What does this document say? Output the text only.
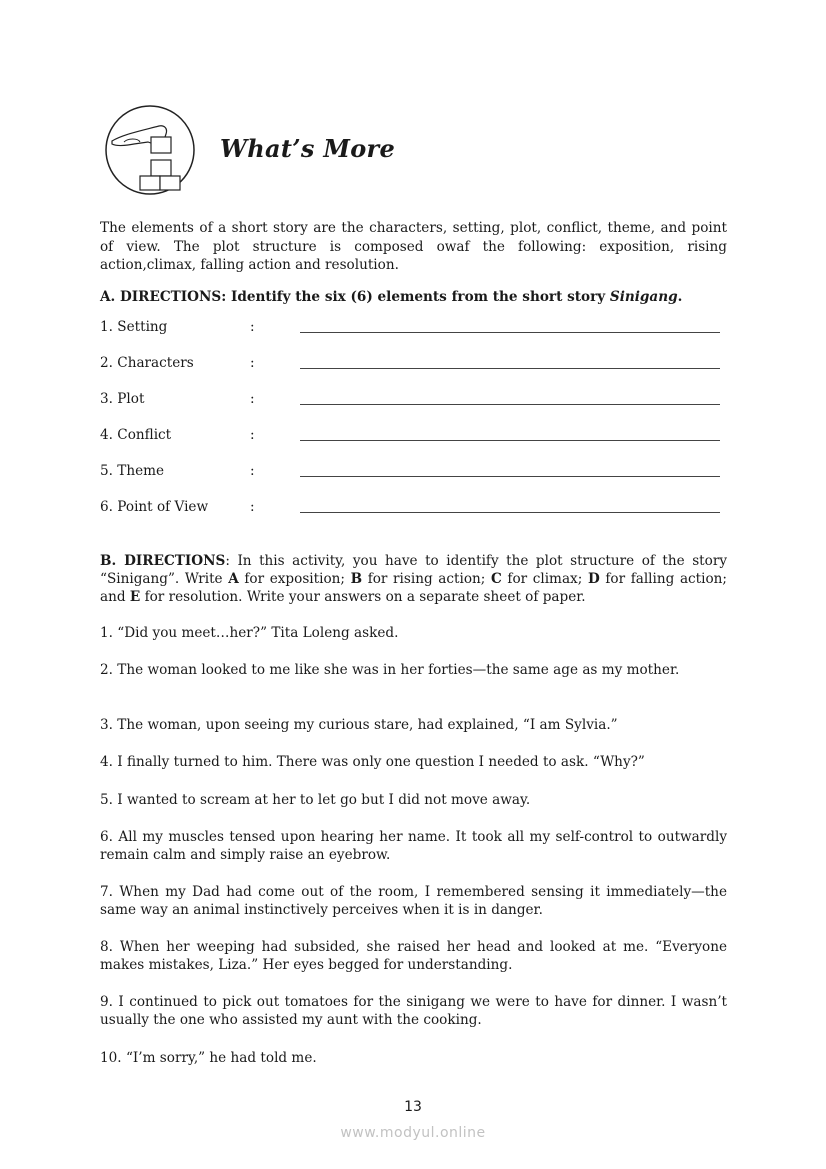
What’s More
The elements of a short story are the characters, setting, plot, conflict, theme, and point of view. The plot structure is composed owaf the following: exposition, rising action,climax, falling action and resolution.
A. DIRECTIONS: Identify the six (6) elements from the short story Sinigang.
1. Setting	:
2. Characters	:
3. Plot	:
4. Conflict	:
5. Theme	:
6. Point of View	:
B. DIRECTIONS: In this activity, you have to identify the plot structure of the story “Sinigang”. Write A for exposition; B for rising action; C for climax; D for falling action; and E for resolution. Write your answers on a separate sheet of paper.
1. “Did you meet…her?” Tita Loleng asked.
2. The woman looked to me like she was in her forties—the same age as my mother.
3. The woman, upon seeing my curious stare, had explained, “I am Sylvia.”
4. I finally turned to him. There was only one question I needed to ask. “Why?”
5. I wanted to scream at her to let go but I did not move away.
6. All my muscles tensed upon hearing her name. It took all my self-control to outwardly remain calm and simply raise an eyebrow.
7. When my Dad had come out of the room, I remembered sensing it immediately—the same way an animal instinctively perceives when it is in danger.
8. When her weeping had subsided, she raised her head and looked at me. “Everyone makes mistakes, Liza.” Her eyes begged for understanding.
9. I continued to pick out tomatoes for the sinigang we were to have for dinner. I wasn’t usually the one who assisted my aunt with the cooking.
10. “I’m sorry,” he had told me.
13
www.modyul.online
